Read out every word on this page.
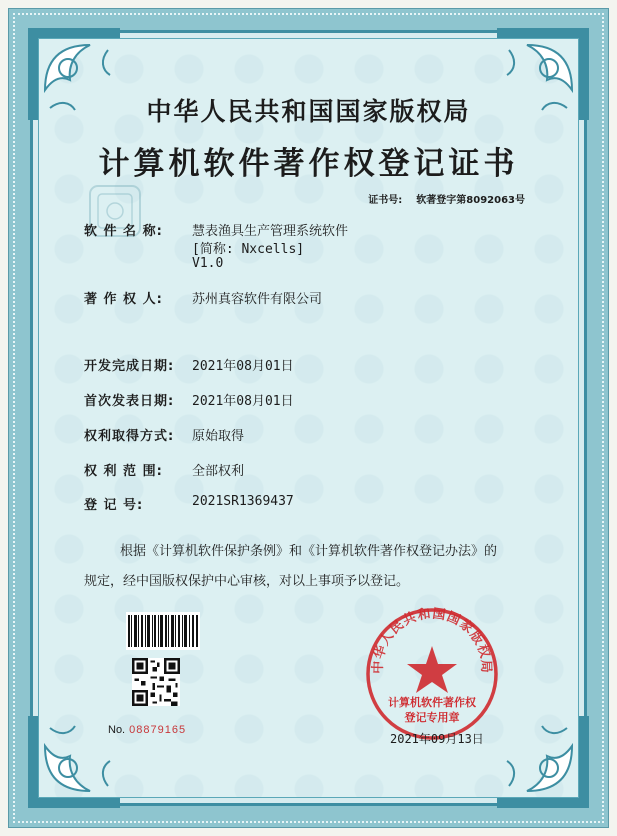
中华人民共和国国家版权局
计算机软件著作权登记证书
证书号: 软著登字第8092063号
软 件 名 称: 慧表渔具生产管理系统软件
[简称: Nxcells]
V1.0
著 作 权 人: 苏州真容软件有限公司
开发完成日期: 2021年08月01日
首次发表日期: 2021年08月01日
权利取得方式: 原始取得
权 利 范 围: 全部权利
登 记 号:	2021SR1369437
根据《计算机软件保护条例》和《计算机软件著作权登记办法》的
规定，经中国版权保护中心审核，对以上事项予以登记。
No. 08879165
中华人民共和国国家版权局
计算机软件著作权
登记专用章
2021年09月13日
